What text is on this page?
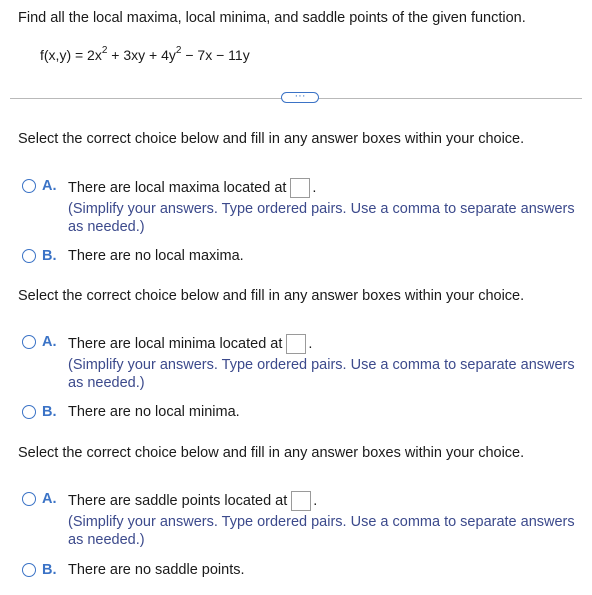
Find all the local maxima, local minima, and saddle points of the given function.
$f(x,y) = 2x^2 + 3xy + 4y^2 - 7x - 11y$
···
Select the correct choice below and fill in any answer boxes within your choice.
A. There are local maxima located at .
(Simplify your answers. Type ordered pairs. Use a comma to separate answers as needed.)
B. There are no local maxima.
Select the correct choice below and fill in any answer boxes within your choice.
A. There are local minima located at .
(Simplify your answers. Type ordered pairs. Use a comma to separate answers as needed.)
B. There are no local minima.
Select the correct choice below and fill in any answer boxes within your choice.
A. There are saddle points located at .
(Simplify your answers. Type ordered pairs. Use a comma to separate answers as needed.)
B. There are no saddle points.
